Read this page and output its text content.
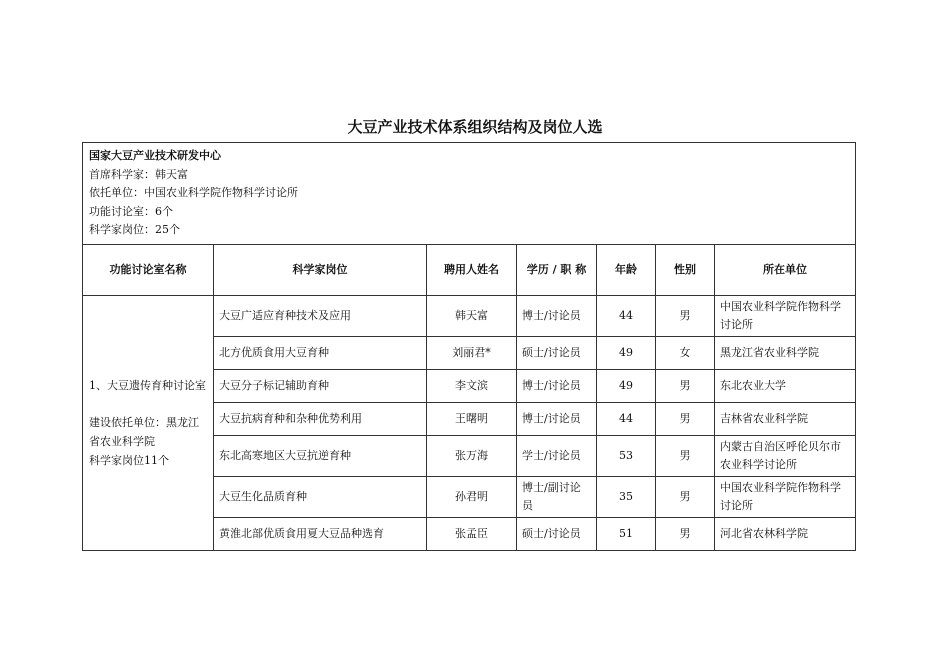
大豆产业技术体系组织结构及岗位人选
国家大豆产业技术研发中心
首席科学家：韩天富
依托单位：中国农业科学院作物科学讨论所
功能讨论室：6个
科学家岗位：25个						

功能讨论室名称	科学家岗位	聘用人姓名	学历 / 职 称	年龄	性别	所在单位

1、大豆遗传育种讨论室
建设依托单位：黑龙江省农业科学院
科学家岗位11个	大豆广适应育种技术及应用	韩天富	博士/讨论员	44	男	中国农业科学院作物科学讨论所
	北方优质食用大豆育种	刘丽君*	硕士/讨论员	49	女	黑龙江省农业科学院
	大豆分子标记辅助育种	李文滨	博士/讨论员	49	男	东北农业大学
	大豆抗病育种和杂种优势利用	王曙明	博士/讨论员	44	男	吉林省农业科学院
	东北高寒地区大豆抗逆育种	张万海	学士/讨论员	53	男	内蒙古自治区呼伦贝尔市农业科学讨论所
	大豆生化品质育种	孙君明	博士/副讨论员	35	男	中国农业科学院作物科学讨论所
	黄淮北部优质食用夏大豆品种选育	张孟臣	硕士/讨论员	51	男	河北省农林科学院
